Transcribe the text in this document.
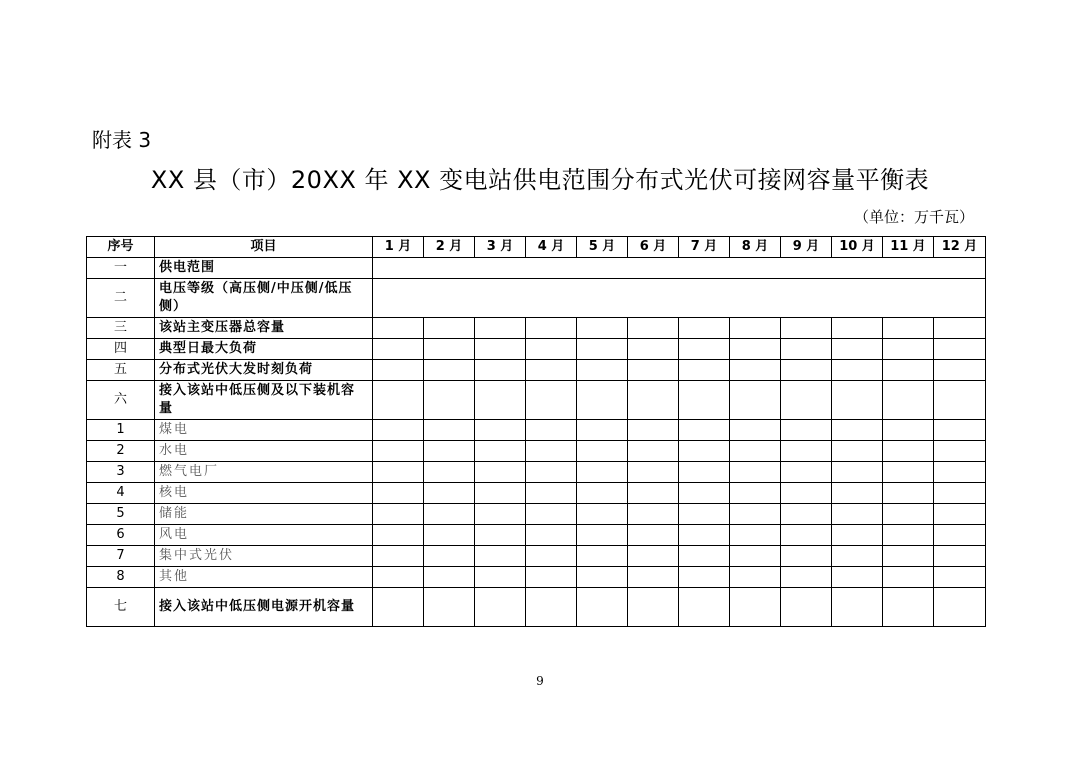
附表 3
XX 县（市）20XX 年 XX 变电站供电范围分布式光伏可接网容量平衡表
（单位：万千瓦）
序号	项目	1 月	2 月	3 月	4 月	5 月	6 月	7 月	8 月	9 月	10 月	11 月	12 月
一	供电范围												
二	电压等级（高压侧/中压侧/低压侧）												
三	该站主变压器总容量												
四	典型日最大负荷												
五	分布式光伏大发时刻负荷												
六	接入该站中低压侧及以下装机容量												
1	煤电												
2	水电												
3	燃气电厂												
4	核电												
5	储能												
6	风电												
7	集中式光伏												
8	其他												
七	接入该站中低压侧电源开机容量												
9
